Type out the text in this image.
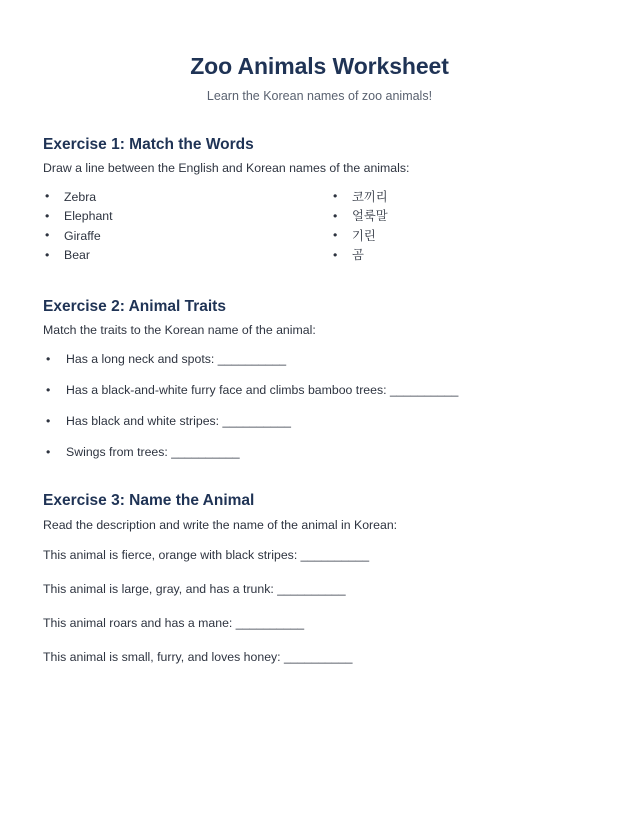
Zoo Animals Worksheet

Learn the Korean names of zoo animals!

Exercise 1: Match the Words

Draw a line between the English and Korean names of the animals:

• Zebra
• Elephant
• Giraffe
• Bear
• 코끼리
• 얼룩말
• 기린
• 곰
Exercise 2: Animal Traits

Match the traits to the Korean name of the animal:

• Has a long neck and spots: __________
• Has a black-and-white furry face and climbs bamboo trees: __________
• Has black and white stripes: __________
• Swings from trees: __________
Exercise 3: Name the Animal

Read the description and write the name of the animal in Korean:

This animal is fierce, orange with black stripes: __________

This animal is large, gray, and has a trunk: __________

This animal roars and has a mane: __________

This animal is small, furry, and loves honey: __________
